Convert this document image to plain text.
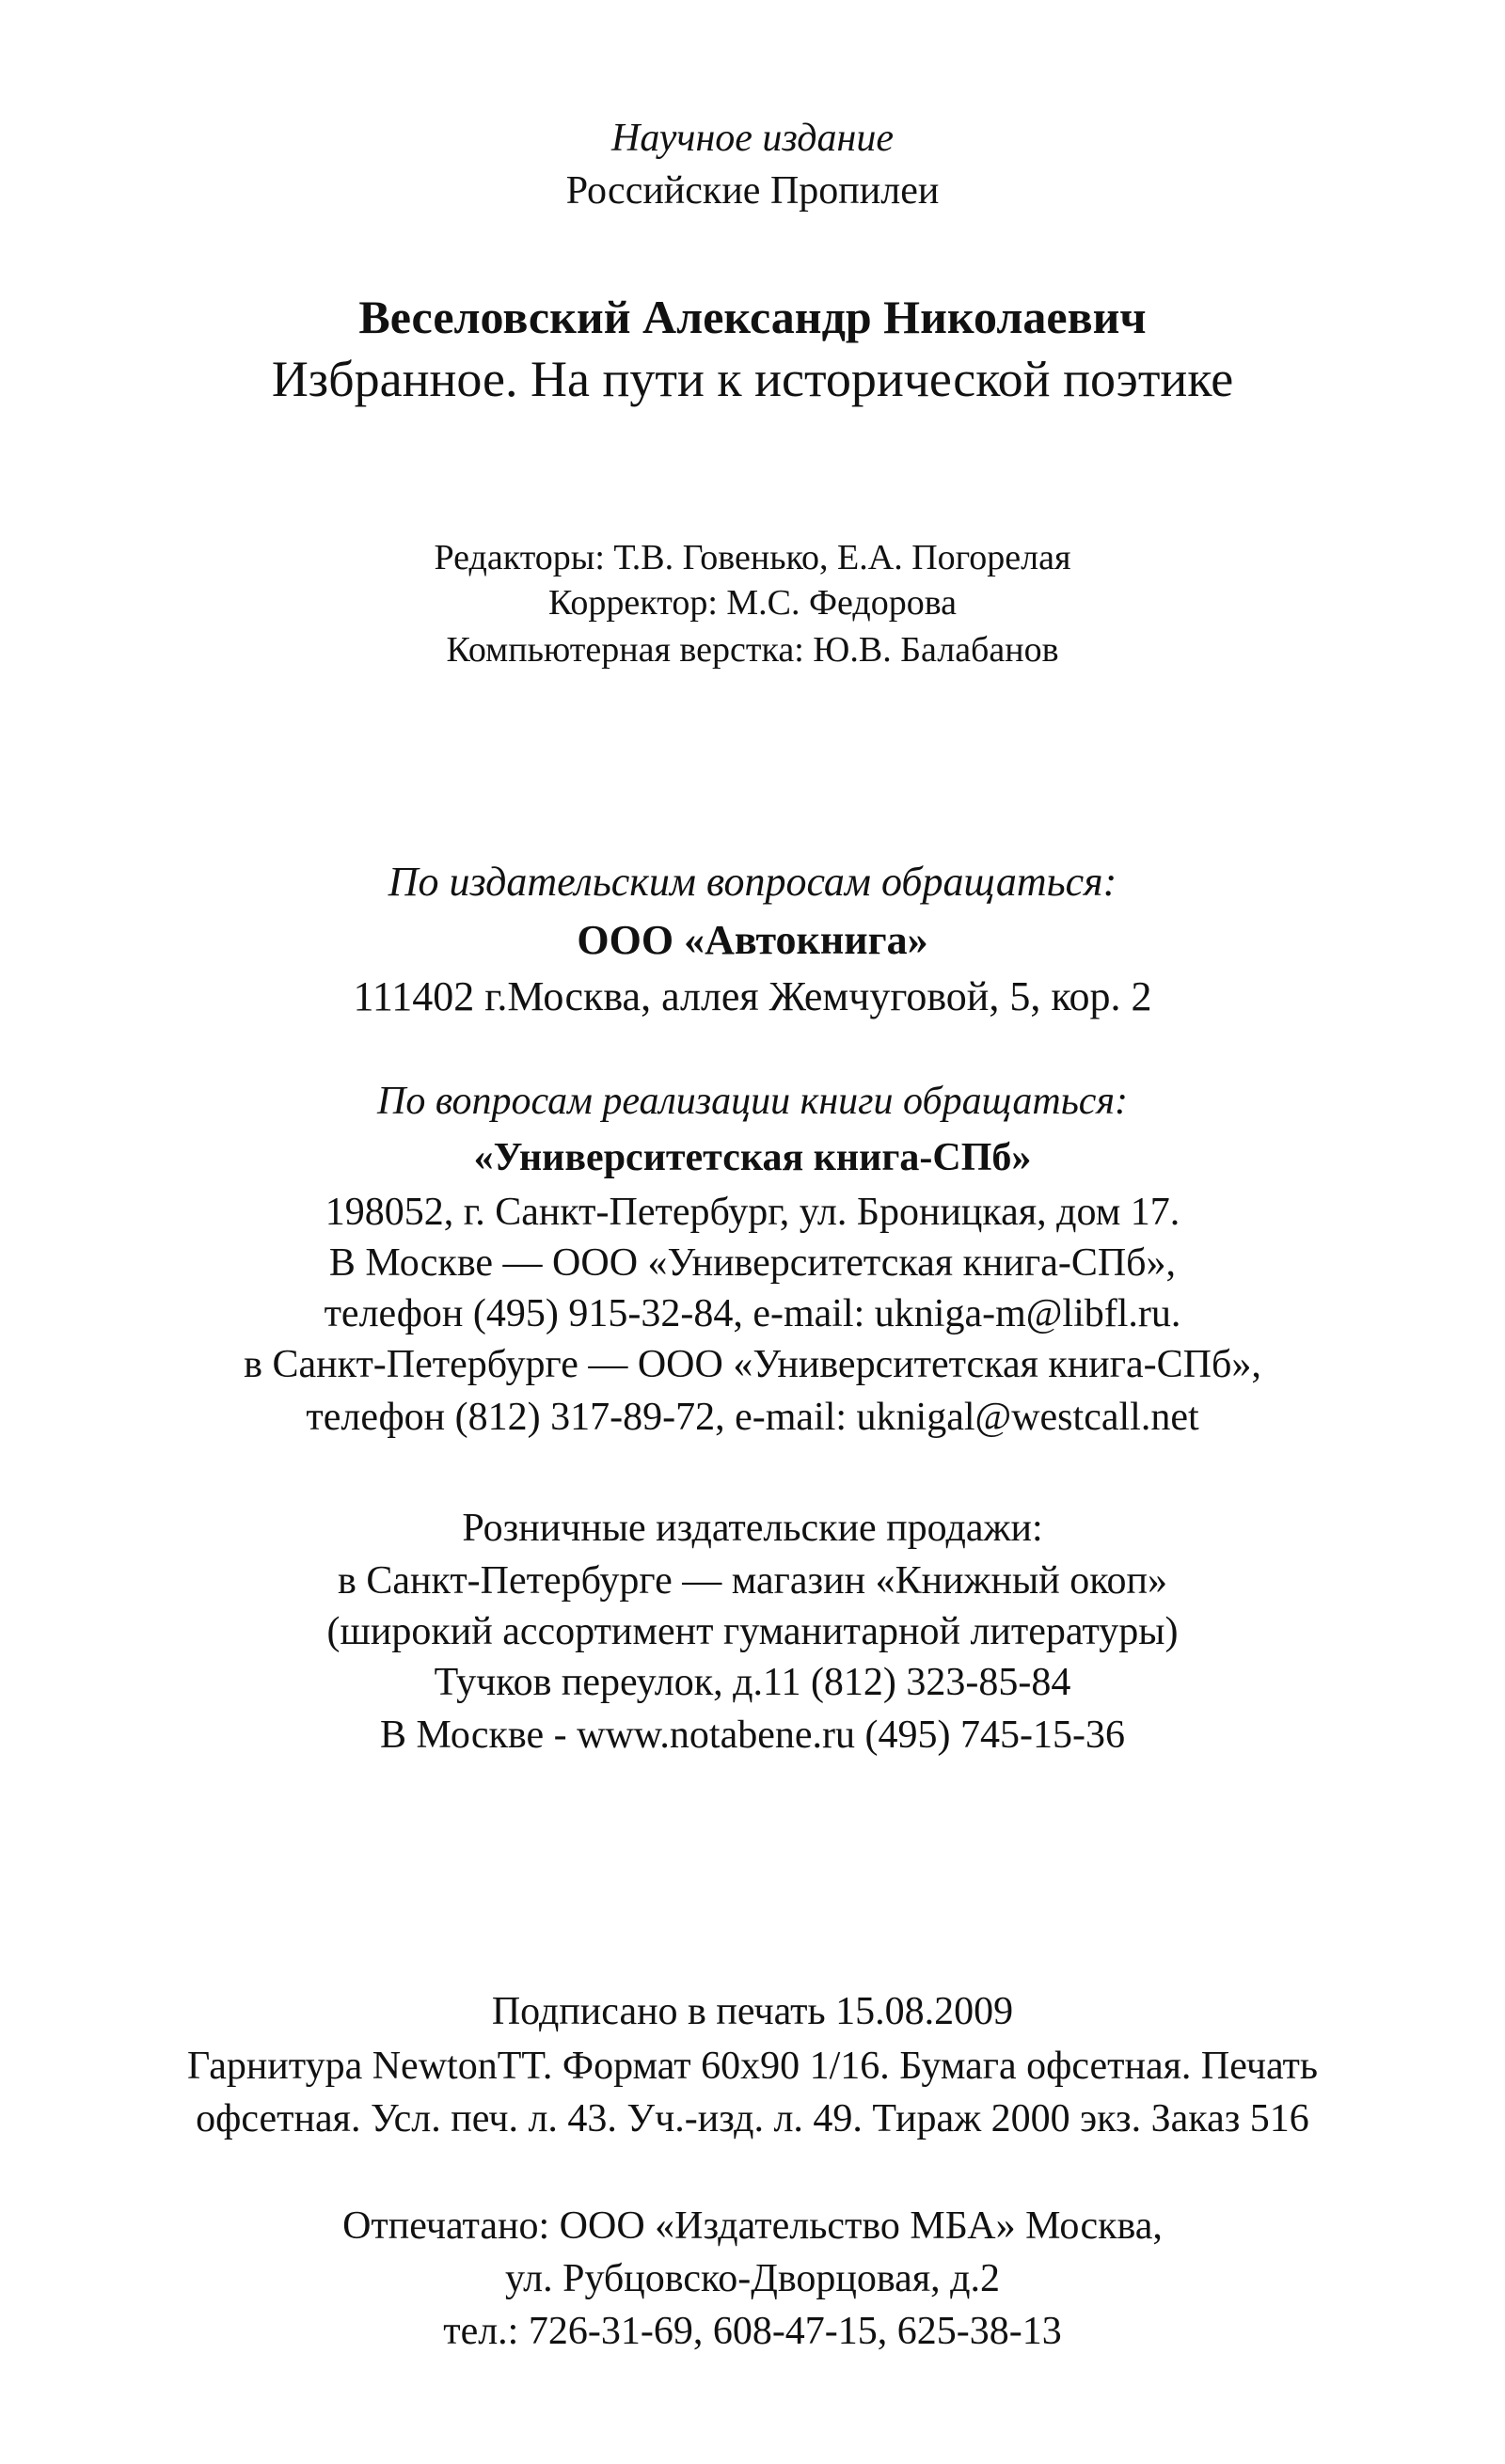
Научное издание
Российские Пропилеи
Веселовский Александр Николаевич
Избранное. На пути к исторической поэтике
Редакторы: Т.В. Говенько, Е.А. Погорелая
Корректор: М.С. Федорова
Компьютерная верстка: Ю.В. Балабанов
По издательским вопросам обращаться:
ООО «Автокнига»
111402 г.Москва, аллея Жемчуговой, 5, кор. 2
По вопросам реализации книги обращаться:
«Университетская книга-СПб»
198052, г. Санкт-Петербург, ул. Броницкая, дом 17.
В Москве — ООО «Университетская книга-СПб»,
телефон (495) 915-32-84, e-mail: uknigа-m@libfl.ru.
в Санкт-Петербурге — ООО «Университетская книга-СПб»,
телефон (812) 317-89-72, e-mail: uknigal@westcall.net
Розничные издательские продажи:
в Санкт-Петербурге — магазин «Книжный окоп»
(широкий ассортимент гуманитарной литературы)
Тучков переулок, д.11 (812) 323-85-84
В Москве - www.notabene.ru (495) 745-15-36
Подписано в печать 15.08.2009
Гарнитура NewtonTT. Формат 60x90 1/16. Бумага офсетная. Печать
офсетная. Усл. печ. л. 43. Уч.-изд. л. 49. Тираж 2000 экз. Заказ 516
Отпечатано: ООО «Издательство МБА» Москва,
ул. Рубцовско-Дворцовая, д.2
тел.: 726-31-69, 608-47-15, 625-38-13
